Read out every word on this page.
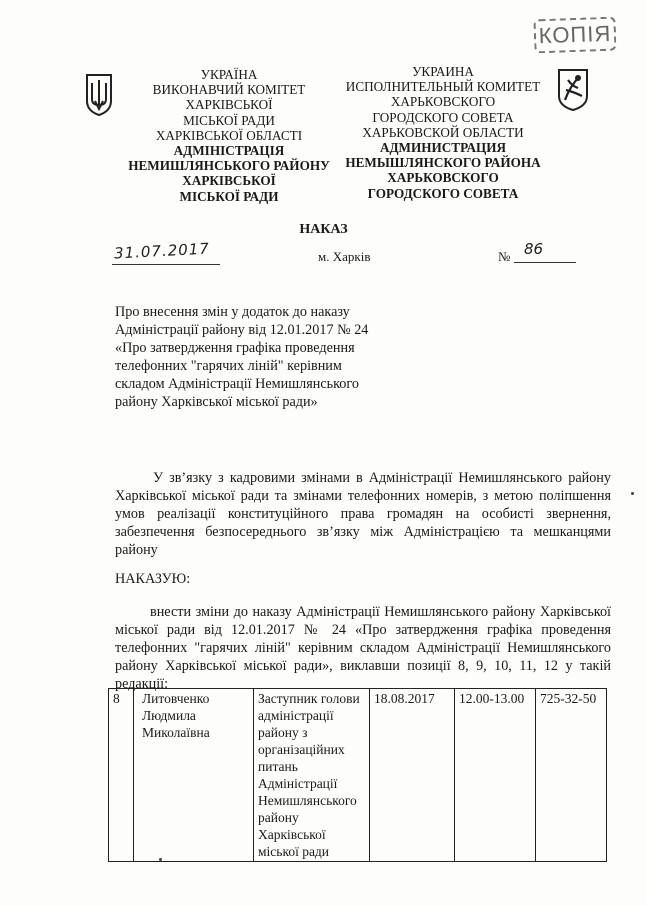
КОПІЯ
УКРАЇНА
ВИКОНАВЧИЙ КОМІТЕТ
ХАРКІВСЬКОЇ
МІСЬКОЇ РАДИ
ХАРКІВСЬКОЇ ОБЛАСТІ
АДМІНІСТРАЦІЯ
НЕМИШЛЯНСЬКОГО РАЙОНУ
ХАРКІВСЬКОЇ
МІСЬКОЇ РАДИ
УКРАИНА
ИСПОЛНИТЕЛЬНЫЙ КОМИТЕТ
ХАРЬКОВСКОГО
ГОРОДСКОГО СОВЕТА
ХАРЬКОВСКОЙ ОБЛАСТИ
АДМИНИСТРАЦИЯ
НЕМЫШЛЯНСКОГО РАЙОНА
ХАРЬКОВСКОГО
ГОРОДСКОГО СОВЕТА
НАКАЗ
31.07.2017	м. Харків	№ 86
Про внесення змін у додаток до наказу Адміністрації району від 12.01.2017 № 24 «Про затвердження графіка проведення телефонних "гарячих ліній" керівним складом Адміністрації Немишлянського району Харківської міської ради»
У зв’язку з кадровими змінами в Адміністрації Немишлянського району Харківської міської ради та змінами телефонних номерів, з метою поліпшення умов реалізації конституційного права громадян на особисті звернення, забезпечення безпосереднього зв’язку між Адміністрацією та мешканцями району
НАКАЗУЮ:
внести зміни до наказу Адміністрації Немишлянського району Харківської міської ради від 12.01.2017 № 24 «Про затвердження графіка проведення телефонних "гарячих ліній" керівним складом Адміністрації Немишлянського району Харківської міської ради», виклавши позиції 8, 9, 10, 11, 12 у такій редакції:
8	Литовченко Людмила Миколаївна	Заступник голови
адміністрації
району з
організаційних
питань
Адміністрації
Немишлянського
району
Харківської
міської ради	18.08.2017	12.00-13.00	725-32-50
